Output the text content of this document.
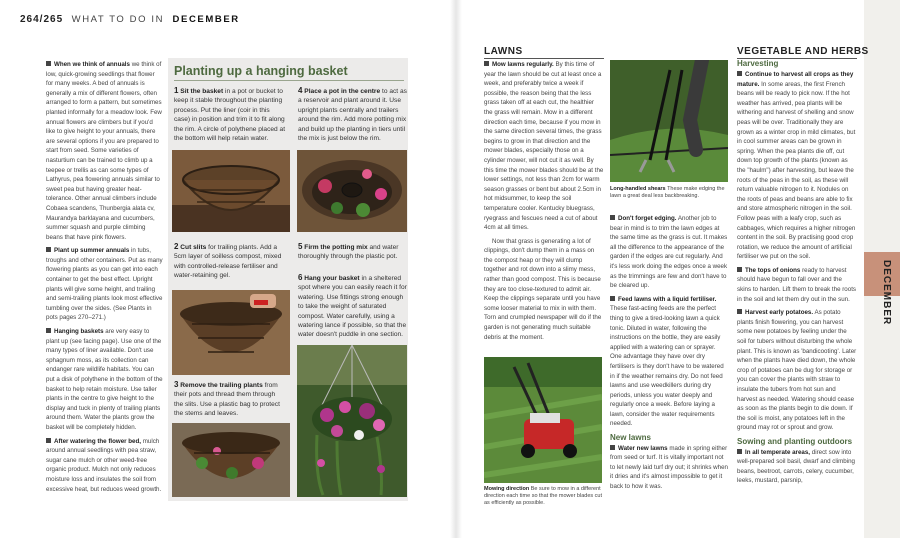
264/265 WHAT TO DO IN DECEMBER
DECEMBER

When we think of annuals we think of low, quick-growing seedlings that flower for many weeks. A bed of annuals is generally a mix of different flowers, often arranged to form a pattern, but sometimes planted informally for a meadow look. Few annual flowers are climbers but if you'd like to give height to your annuals, there are several options if you are prepared to start from seed. Some varieties of nasturtium can be trained to climb up a teepee or trellis as can some types of Lathyrus, pea flowering annuals similar to sweet pea but having greater heat-tolerance. Other annual climbers include Cobaea scandens, Thunbergia alata cv, Maurandya barklayana and cucumbers, summer squash and purple climbing beans that have pink flowers.

Plant up summer annuals in tubs, troughs and other containers. Put as many flowering plants as you can get into each container to get the best effect. Upright plants will give some height, and trailing and semi-trailing plants look most effective tumbling over the sides. (See Plants in pots pages 270–271.)

Hanging baskets are very easy to plant up (see facing page). Use one of the many types of liner available. Don't use sphagnum moss, as its collection can endanger rare wildlife habitats. You can put a disk of polythene in the bottom of the basket to help retain moisture. Use taller plants in the centre to give height to the display and tuck in plenty of trailing plants around them. Water the plants grow the basket will be completely hidden.

After watering the flower bed, mulch around annual seedlings with pea straw, sugar cane mulch or other weed-free organic product. Mulch not only reduces moisture loss and insulates the soil from excessive heat, but reduces weed growth.

Planting up a hanging basket
1 Sit the basket in a pot or bucket to keep it stable throughout the planting process. Put the liner (coir in this case) in position and trim it to fit along the rim. A circle of polythene placed at the bottom will help retain water.
4 Place a pot in the centre to act as a reservoir and plant around it. Use upright plants centrally and trailers around the rim. Add more potting mix and build up the planting in tiers until the mix is just below the rim.
2 Cut slits for trailing plants. Add a 5cm layer of soilless compost, mixed with controlled-release fertiliser and water-retaining gel.
5 Firm the potting mix and water thoroughly through the plastic pot.
6 Hang your basket in a sheltered spot where you can easily reach it for watering. Use fittings strong enough to take the weight of saturated compost. Water carefully, using a watering lance if possible, so that the water doesn't puddle in one section.
3 Remove the trailing plants from their pots and thread them through the slits. Use a plastic bag to protect the stems and leaves.
LAWNS

Mow lawns regularly. By this time of year the lawn should be cut at least once a week, and preferably twice a week if possible, the reason being that the less grass taken off at each cut, the healthier the grass will remain. Mow in a different direction each time, because if you mow in the same direction several times, the grass begins to grow in that direction and the mower blades, especially those on a cylinder mower, will not cut it as well. By this time the mower blades should be at the lower settings, not less than 2cm for warm season grasses or bent but about 2.5cm in hot midsummer, to keep the soil temperature cooler. Kentucky bluegrass, ryegrass and fescues need a cut of about 4cm at all times.

Now that grass is generating a lot of clippings, don't dump them in a mass on the compost heap or they will clump together and rot down into a slimy mess, rather than good compost. This is because they are too close-textured to admit air. Keep the clippings separate until you have some looser material to mix in with them. Torn and crumpled newspaper will do if the garden is not generating much suitable debris at the moment.

Mowing direction Be sure to mow in a different direction each time so that the mower blades cut as efficiently as possible.
Long-handled shears These make edging the lawn a great deal less backbreaking.

Don't forget edging. Another job to bear in mind is to trim the lawn edges at the same time as the grass is cut. It makes all the difference to the appearance of the garden if the edges are cut regularly. And it's less work doing the edges once a week as the trimmings are few and don't have to be cleared up.

Feed lawns with a liquid fertiliser. These fast-acting feeds are the perfect thing to give a tired-looking lawn a quick tonic. Diluted in water, following the instructions on the bottle, they are easily applied with a watering can or sprayer. One advantage they have over dry fertilisers is they don't have to be watered in if the weather remains dry. Do not feed lawns and use weedkillers during dry periods, unless you water deeply and regularly once a week. Before laying a lawn, consider the water requirements needed.

New lawns

Water new lawns made in spring either from seed or turf. It is vitally important not to let newly laid turf dry out; it shrinks when it dries and it's almost impossible to get it back to how it was.

VEGETABLE AND HERBS
Harvesting

Continue to harvest all crops as they mature. In some areas, the first French beans will be ready to pick now. If the hot weather has arrived, pea plants will be withering and harvest of shelling and snow peas will be over. Traditionally they are grown as a winter crop in mild climates, but in cool summer areas can be grown in spring. When the pea plants die off, cut down top growth of the plants (known as the "haulm") after harvesting, but leave the roots of the peas in the soil, as these will return valuable nitrogen to it. Nodules on the roots of peas and beans are able to fix and store atmospheric nitrogen in the soil. Follow peas with a leafy crop, such as cabbages, which requires a higher nitrogen content in the soil. By practising good crop rotation, we reduce the amount of artificial fertiliser we put on the soil.

The tops of onions ready to harvest should have begun to fall over and the skins to harden. Lift them to break the roots in the soil and let them dry out in the sun.

Harvest early potatoes. As potato plants finish flowering, you can harvest some new potatoes by feeling under the soil for tubers without disturbing the whole plant. This is known as 'bandicooting'. Later when the plants have died down, the whole crop of potatoes can be dug for storage or you can cover the plants with straw to insulate the tubers from hot sun and harvest as needed. Watering should cease as soon as the plants begin to die down. If the soil is moist, any potatoes left in the ground may rot or sprout and grow.

Sowing and planting outdoors

In all temperate areas, direct sow into well-prepared soil basil, dwarf and climbing beans, beetroot, carrots, celery, cucumber, leeks, mustard, parsnip,
